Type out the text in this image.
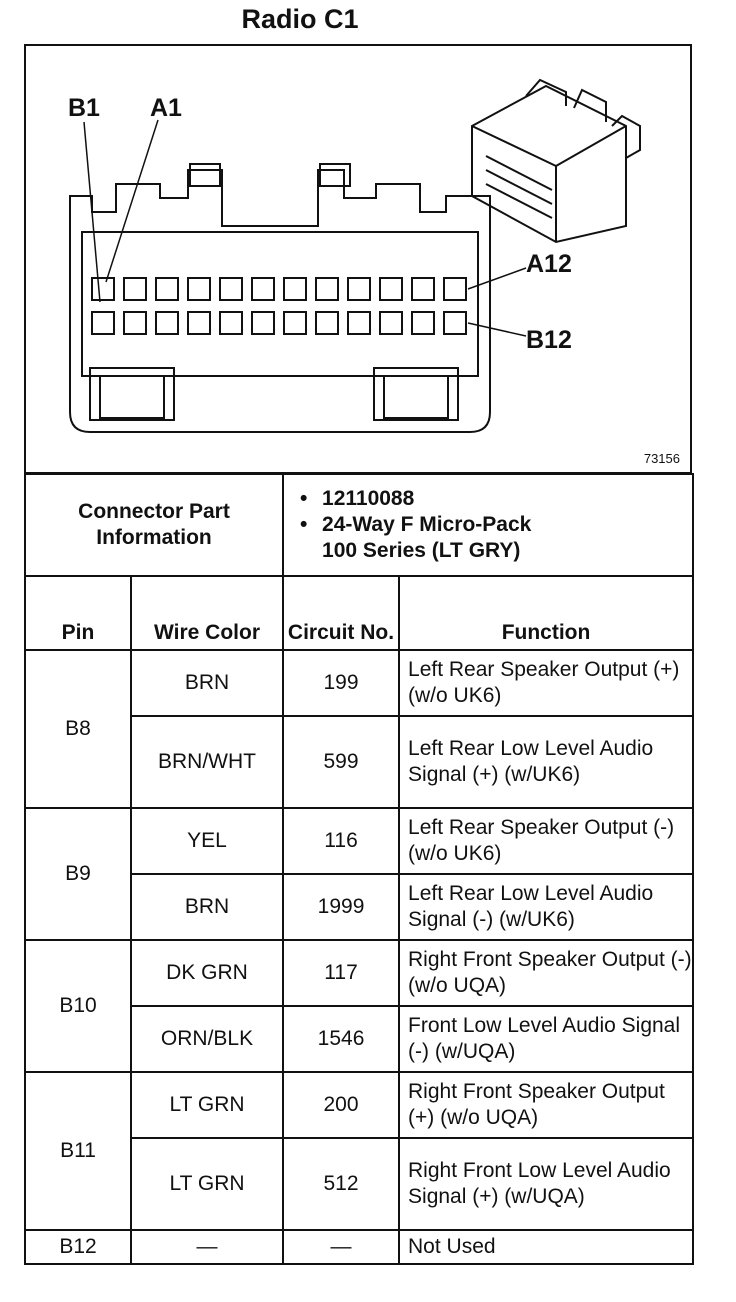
Radio C1
B1 A1
A12
B12
73156
Connector Part Information		• 12110088
• 24-Way F Micro-Pack
100 Series (LT GRY)	

Pin	Wire Color	Circuit No.	Function
B8	BRN	199	Left Rear Speaker Output (+) (w/o UK6)
	BRN/WHT	599	Left Rear Low Level Audio Signal (+) (w/UK6)
B9	YEL	116	Left Rear Speaker Output (-) (w/o UK6)
	BRN	1999	Left Rear Low Level Audio Signal (-) (w/UK6)
B10	DK GRN	117	Right Front Speaker Output (-) (w/o UQA)
	ORN/BLK	1546	Front Low Level Audio Signal (-) (w/UQA)
B11	LT GRN	200	Right Front Speaker Output (+) (w/o UQA)
	LT GRN	512	Right Front Low Level Audio Signal (+) (w/UQA)
B12	—	—	Not Used
